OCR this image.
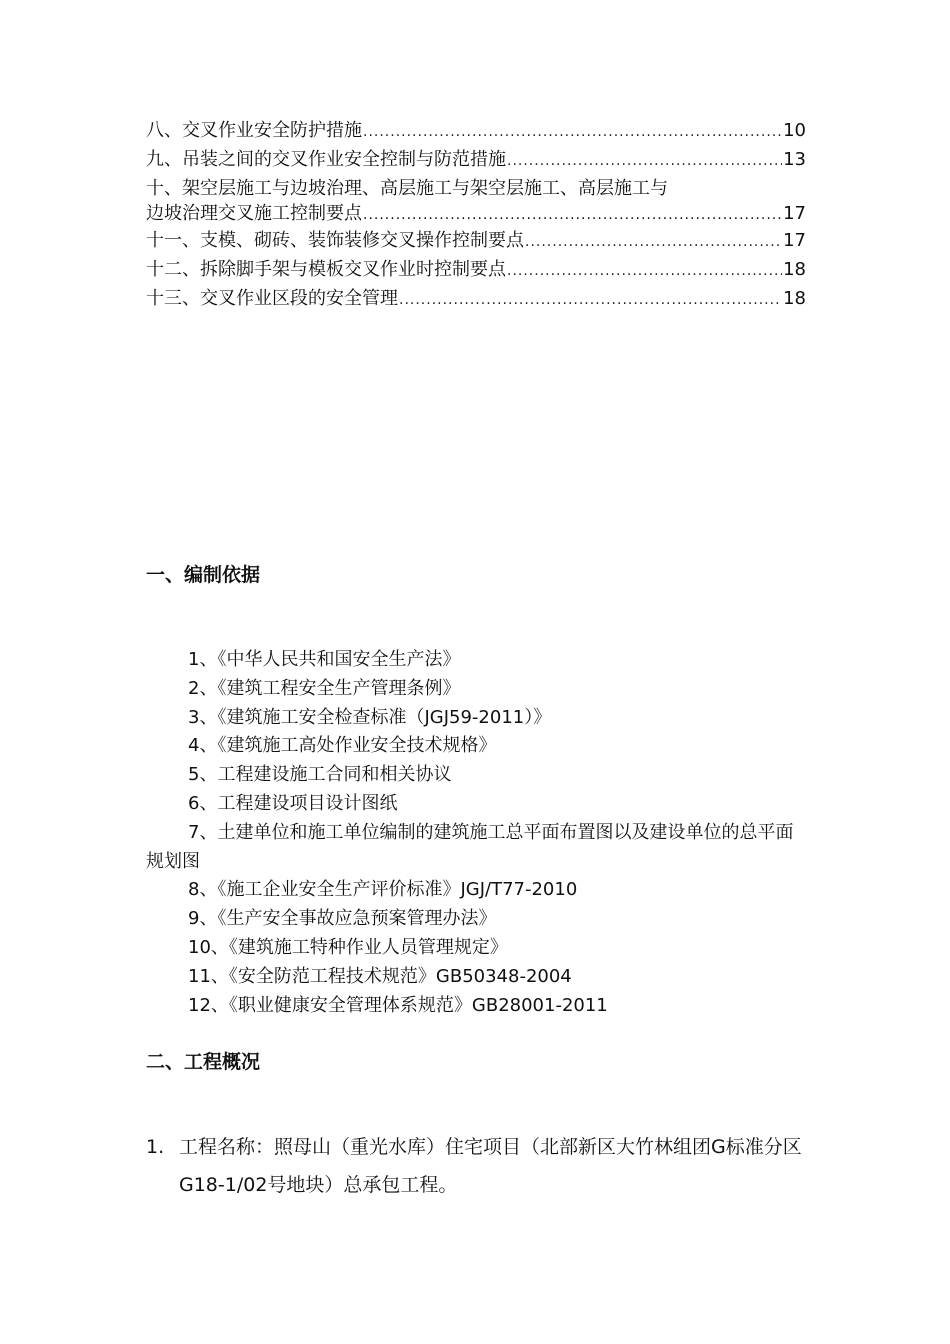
八、交叉作业安全防护措施 .....	10
九、吊装之间的交叉作业安全控制与防范措施 .....	13
十、架空层施工与边坡治理、高层施工与架空层施工、高层施工与
边坡治理交叉施工控制要点 .....	17
十一、支模、砌砖、装饰装修交叉操作控制要点 .....	17
十二、拆除脚手架与模板交叉作业时控制要点 .....	18
十三、交叉作业区段的安全管理 .....	18
一、编制依据
1、《中华人民共和国安全生产法》
2、《建筑工程安全生产管理条例》
3、《建筑施工安全检查标准（JGJ59-2011）》
4、《建筑施工高处作业安全技术规格》
5、工程建设施工合同和相关协议
6、工程建设项目设计图纸
7、土建单位和施工单位编制的建筑施工总平面布置图以及建设单位的总平面规划图
8、《施工企业安全生产评价标准》JGJ/T77-2010
9、《生产安全事故应急预案管理办法》
10、《建筑施工特种作业人员管理规定》
11、《安全防范工程技术规范》GB50348-2004
12、《职业健康安全管理体系规范》GB28001-2011
二、工程概况
1. 工程名称：照母山（重光水库）住宅项目（北部新区大竹林组团G标准分区G18-1/02号地块）总承包工程。
